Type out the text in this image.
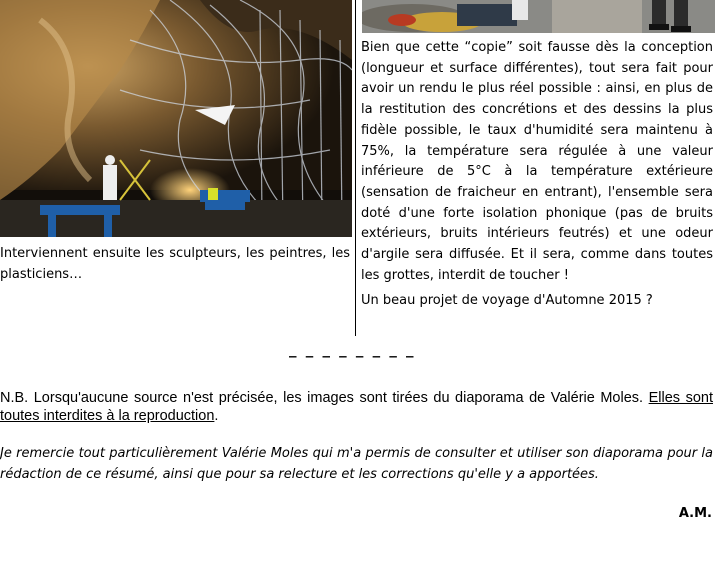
Interviennent ensuite les sculpteurs, les peintres, les plasticiens…

Bien que cette “copie” soit fausse dès la conception (longueur et surface différentes), tout sera fait pour avoir un rendu le plus réel possible : ainsi, en plus de la restitution des concrétions et des dessins la plus fidèle possible, le taux d'humidité sera maintenu à 75%, la température sera régulée à une valeur inférieure de 5°C à la température extérieure (sensation de fraicheur en entrant), l'ensemble sera doté d'une forte isolation phonique (pas de bruits extérieurs, bruits intérieurs feutrés) et une odeur d'argile sera diffusée. Et il sera, comme dans toutes les grottes, interdit de toucher !

Un beau projet de voyage d'Automne 2015 ?

_ _ _ _ _ _ _ _
N.B. Lorsqu'aucune source n'est précisée, les images sont tirées du diaporama de Valérie Moles. Elles sont toutes interdites à la reproduction.
Je remercie tout particulièrement Valérie Moles qui m'a permis de consulter et utiliser son diaporama pour la rédaction de ce résumé, ainsi que pour sa relecture et les corrections qu'elle y a apportées.
A.M.
